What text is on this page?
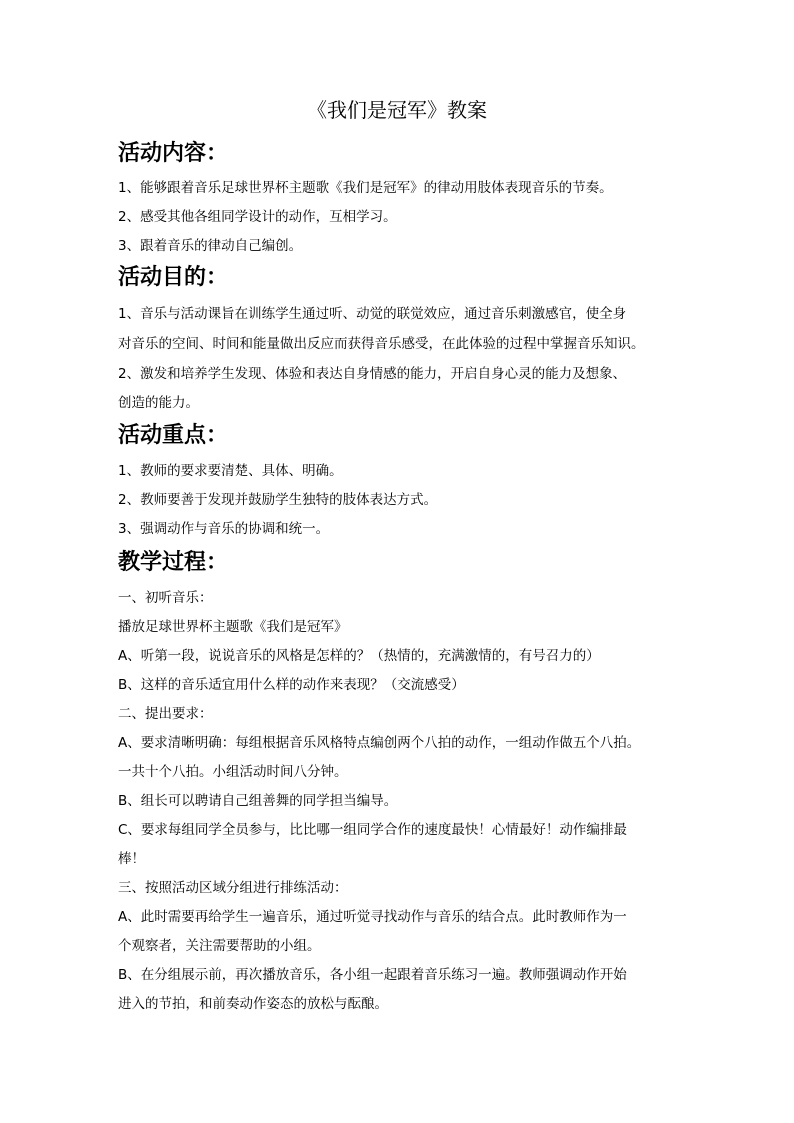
《我们是冠军》教案
活动内容：
1、能够跟着音乐足球世界杯主题歌《我们是冠军》的律动用肢体表现音乐的节奏。
2、感受其他各组同学设计的动作，互相学习。
3、跟着音乐的律动自己编创。
活动目的：
1、音乐与活动课旨在训练学生通过听、动觉的联觉效应，通过音乐刺激感官，使全身
对音乐的空间、时间和能量做出反应而获得音乐感受，在此体验的过程中掌握音乐知识。
2、激发和培养学生发现、体验和表达自身情感的能力，开启自身心灵的能力及想象、
创造的能力。
活动重点：
1、教师的要求要清楚、具体、明确。
2、教师要善于发现并鼓励学生独特的肢体表达方式。
3、强调动作与音乐的协调和统一。
教学过程：
一、初听音乐：
播放足球世界杯主题歌《我们是冠军》
A、听第一段，说说音乐的风格是怎样的？（热情的，充满激情的，有号召力的）
B、这样的音乐适宜用什么样的动作来表现？（交流感受）
二、提出要求：
A、要求清晰明确：每组根据音乐风格特点编创两个八拍的动作，一组动作做五个八拍。
一共十个八拍。小组活动时间八分钟。
B、组长可以聘请自己组善舞的同学担当编导。
C、要求每组同学全员参与，比比哪一组同学合作的速度最快！心情最好！动作编排最
棒！
三、按照活动区域分组进行排练活动：
A、此时需要再给学生一遍音乐，通过听觉寻找动作与音乐的结合点。此时教师作为一
个观察者，关注需要帮助的小组。
B、在分组展示前，再次播放音乐，各小组一起跟着音乐练习一遍。教师强调动作开始
进入的节拍，和前奏动作姿态的放松与酝酿。
